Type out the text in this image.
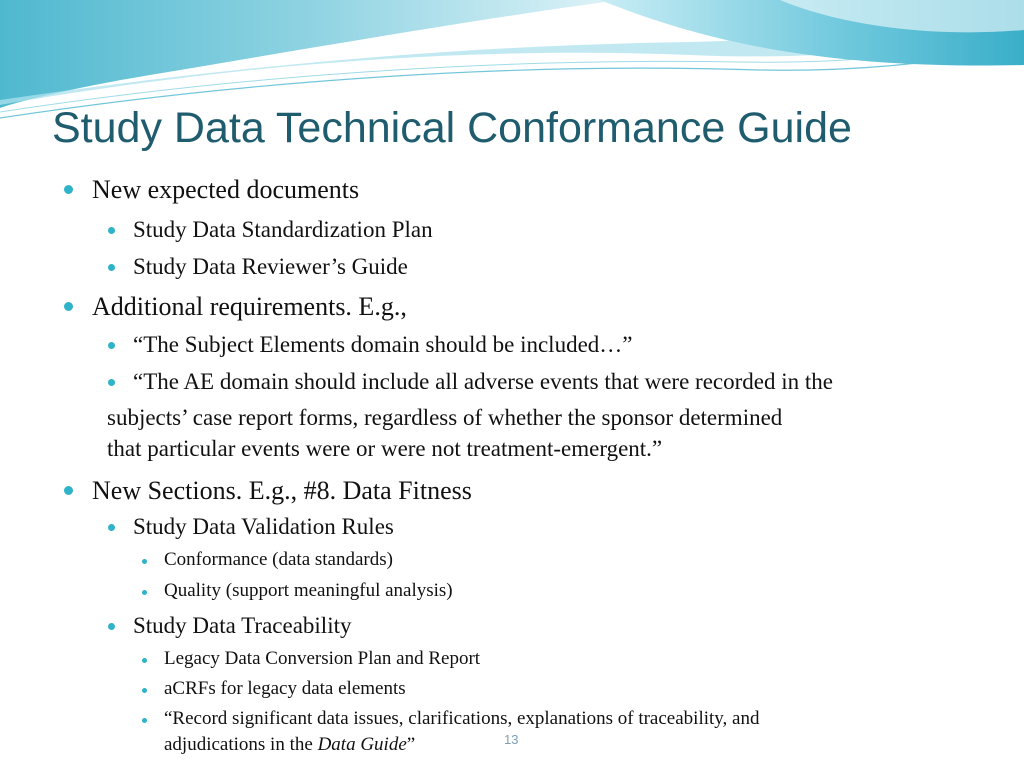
Study Data Technical Conformance Guide
New expected documents
Study Data Standardization Plan
Study Data Reviewer’s Guide
Additional requirements. E.g.,
“The Subject Elements domain should be included…”
“The AE domain should include all adverse events that were recorded in the
subjects’ case report forms, regardless of whether the sponsor determined
that particular events were or were not treatment-emergent.”
New Sections. E.g., #8. Data Fitness
Study Data Validation Rules
Conformance (data standards)
Quality (support meaningful analysis)
Study Data Traceability
Legacy Data Conversion Plan and Report
aCRFs for legacy data elements
“Record significant data issues, clarifications, explanations of traceability, and
adjudications in the Data Guide”	13
